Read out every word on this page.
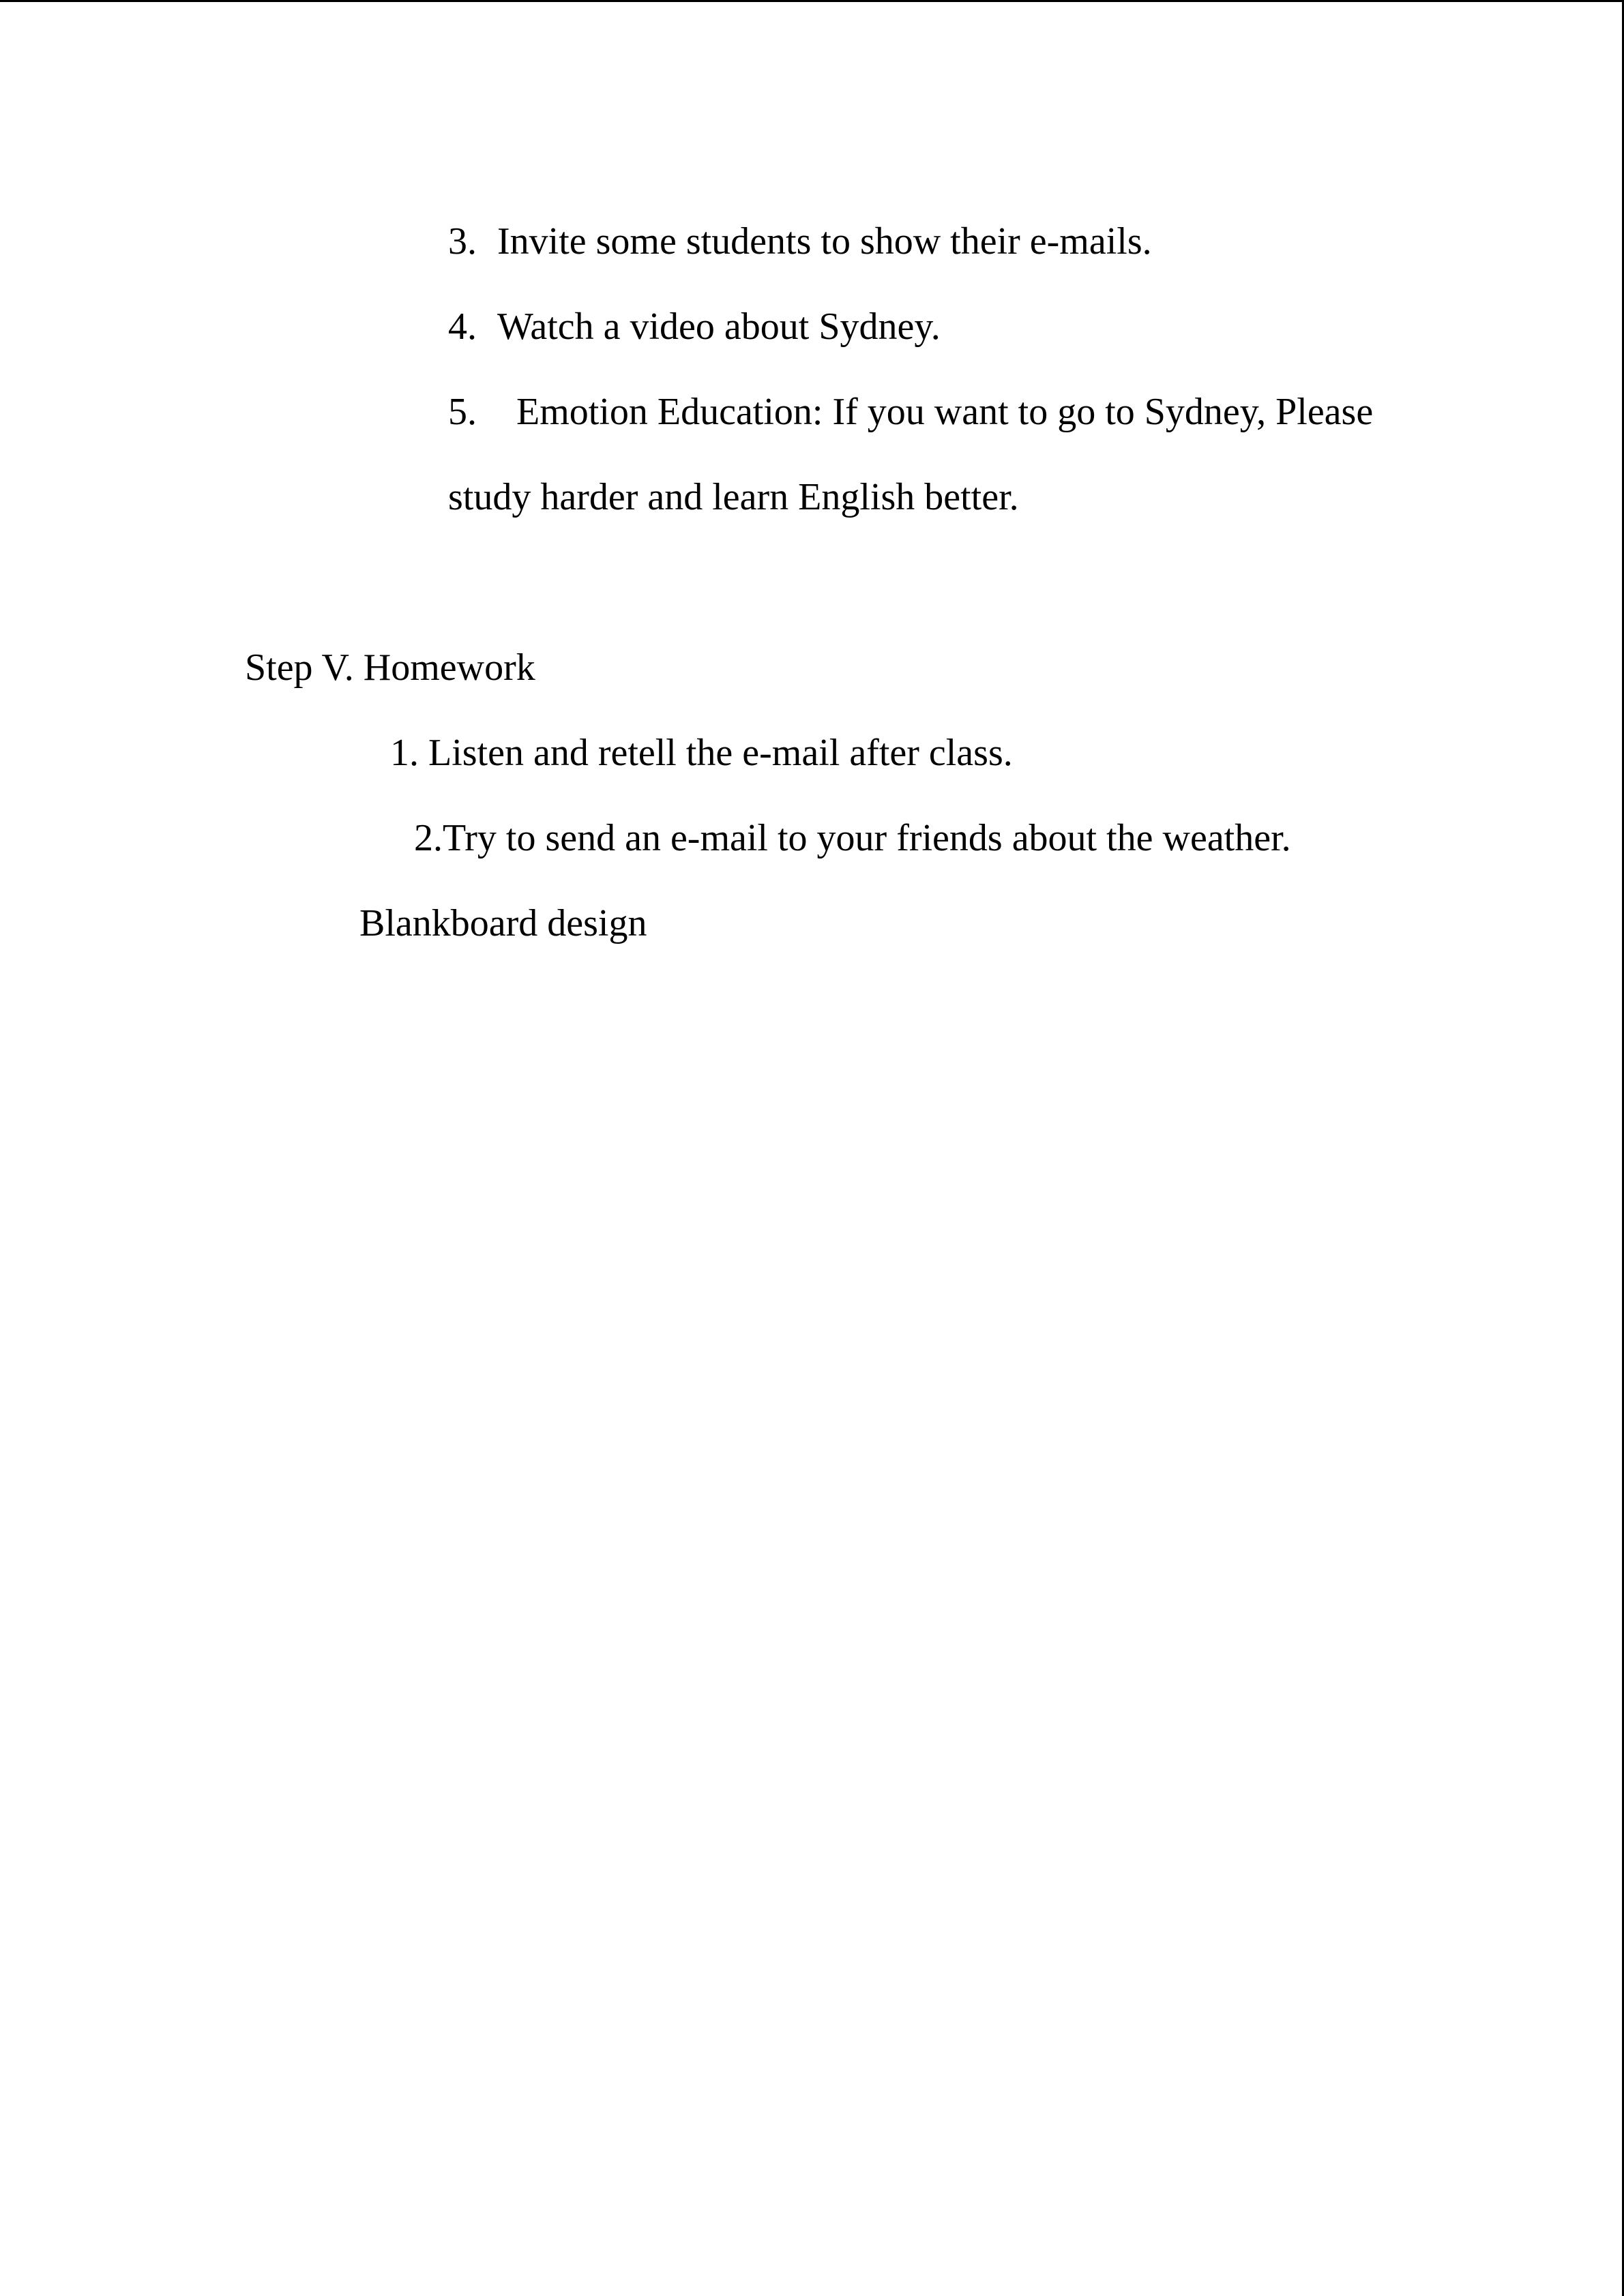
3. Invite some students to show their e-mails.
4. Watch a video about Sydney.
5. Emotion Education: If you want to go to Sydney, Please
study harder and learn English better.
Step V. Homework
1. Listen and retell the e-mail after class.
2.Try to send an e-mail to your friends about the weather.
Blankboard design
